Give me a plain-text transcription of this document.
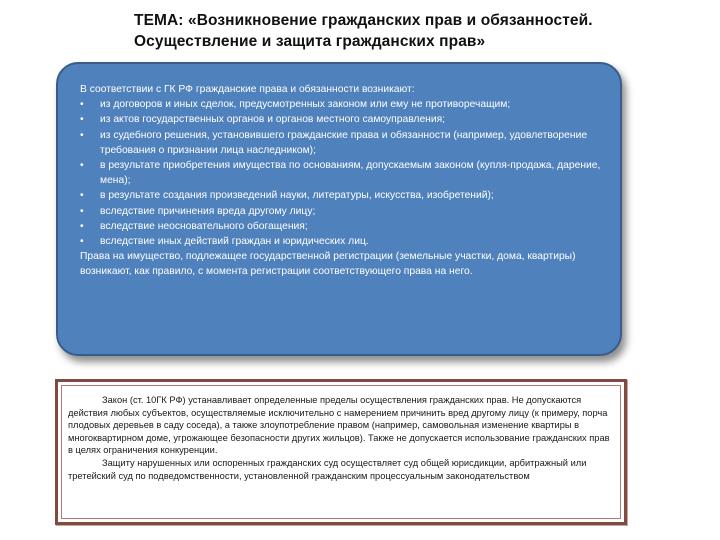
ТЕМА: «Возникновение гражданских прав и обязанностей.
Осуществление и защита гражданских прав»
В соответствии с ГК РФ гражданские права и обязанности возникают:
• из договоров и иных сделок, предусмотренных законом или ему не противоречащим;
• из актов государственных органов и органов местного самоуправления;
• из судебного решения, установившего гражданские права и обязанности (например, удовлетворение требования о признании лица наследником);
• в результате приобретения имущества по основаниям, допускаемым законом (купля-продажа, дарение, мена);
• в результате создания произведений науки, литературы, искусства, изобретений);
• вследствие причинения вреда другому лицу;
• вследствие неосновательного обогащения;
• вследствие иных действий граждан и юридических лиц.
Права на имущество, подлежащее государственной регистрации (земельные участки, дома, квартиры) возникают, как правило, с момента регистрации соответствующего права на него.

Закон (ст. 10ГК РФ) устанавливает определенные пределы осуществления гражданских прав. Не допускаются действия любых субъектов, осуществляемые исключительно с намерением причинить вред другому лицу (к примеру, порча плодовых деревьев в саду соседа), а также злоупотребление правом (например, самовольная изменение квартиры в многоквартирном доме, угрожающее безопасности других жильцов). Также не допускается использование гражданских прав в целях ограничения конкуренции.

Защиту нарушенных или оспоренных гражданских суд осуществляет суд общей юрисдикции, арбитражный или третейский суд по подведомственности, установленной гражданским процессуальным законодательством
